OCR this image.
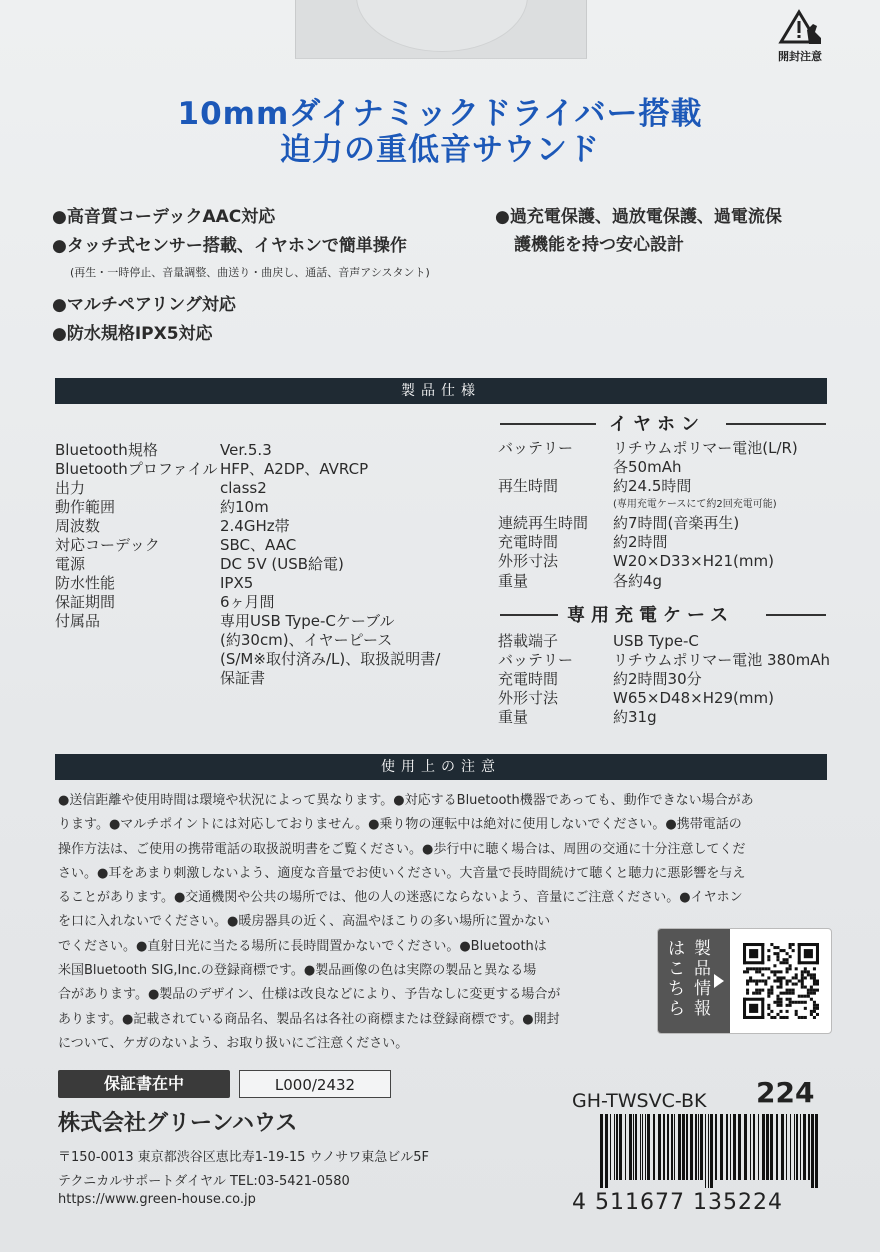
開封注意
10mmダイナミックドライバー搭載
迫力の重低音サウンド
●高音質コーデックAAC対応
●タッチ式センサー搭載、イヤホンで簡単操作
(再生・一時停止、音量調整、曲送り・曲戻し、通話、音声アシスタント)
●マルチペアリング対応
●防水規格IPX5対応
●過充電保護、過放電保護、過電流保
護機能を持つ安心設計
製品仕様
Bluetooth規格	Ver.5.3
Bluetoothプロファイル HFP、A2DP、AVRCP
出力	class2
動作範囲	約10m
周波数	2.4GHz帯
対応コーデック	SBC、AAC
電源	DC 5V (USB給電)
防水性能	IPX5
保証期間	6ヶ月間
付属品	専用USB Type-Cケーブル
(約30cm)、イヤーピース
(S/M※取付済み/L)、取扱説明書/
保証書
イヤホン
バッテリー	リチウムポリマー電池(L/R)
各50mAh
再生時間	約24.5時間
(専用充電ケースにて約2回充電可能)
連続再生時間 約7時間(音楽再生)
充電時間	約2時間
外形寸法	W20×D33×H21(mm)
重量	各約4g
専用充電ケース
搭載端子	USB Type-C
バッテリー	リチウムポリマー電池 380mAh
充電時間	約2時間30分
外形寸法	W65×D48×H29(mm)
重量	約31g
使用上の注意
●送信距離や使用時間は環境や状況によって異なります。●対応するBluetooth機器であっても、動作できない場合があ
ります。●マルチポイントには対応しておりません。●乗り物の運転中は絶対に使用しないでください。●携帯電話の
操作方法は、ご使用の携帯電話の取扱説明書をご覧ください。●歩行中に聴く場合は、周囲の交通に十分注意してくだ
さい。●耳をあまり刺激しないよう、適度な音量でお使いください。大音量で長時間続けて聴くと聴力に悪影響を与え
ることがあります。●交通機関や公共の場所では、他の人の迷惑にならないよう、音量にご注意ください。●イヤホン
を口に入れないでください。●暖房器具の近く、高温やほこりの多い場所に置かない
でください。●直射日光に当たる場所に長時間置かないでください。●Bluetoothは
米国Bluetooth SIG,Inc.の登録商標です。●製品画像の色は実際の製品と異なる場
合があります。●製品のデザイン、仕様は改良などにより、予告なしに変更する場合が
あります。●記載されている商品名、製品名は各社の商標または登録商標です。●開封
について、ケガのないよう、お取り扱いにご注意ください。
製品情報
はこちら
保証書在中	L000/2432
株式会社グリーンハウス
〒150-0013 東京都渋谷区恵比寿1-19-15 ウノサワ東急ビル5F
テクニカルサポートダイヤル TEL:03-5421-0580
https://www.green-house.co.jp
GH-TWSVC-BK 224
4 511677 135224
